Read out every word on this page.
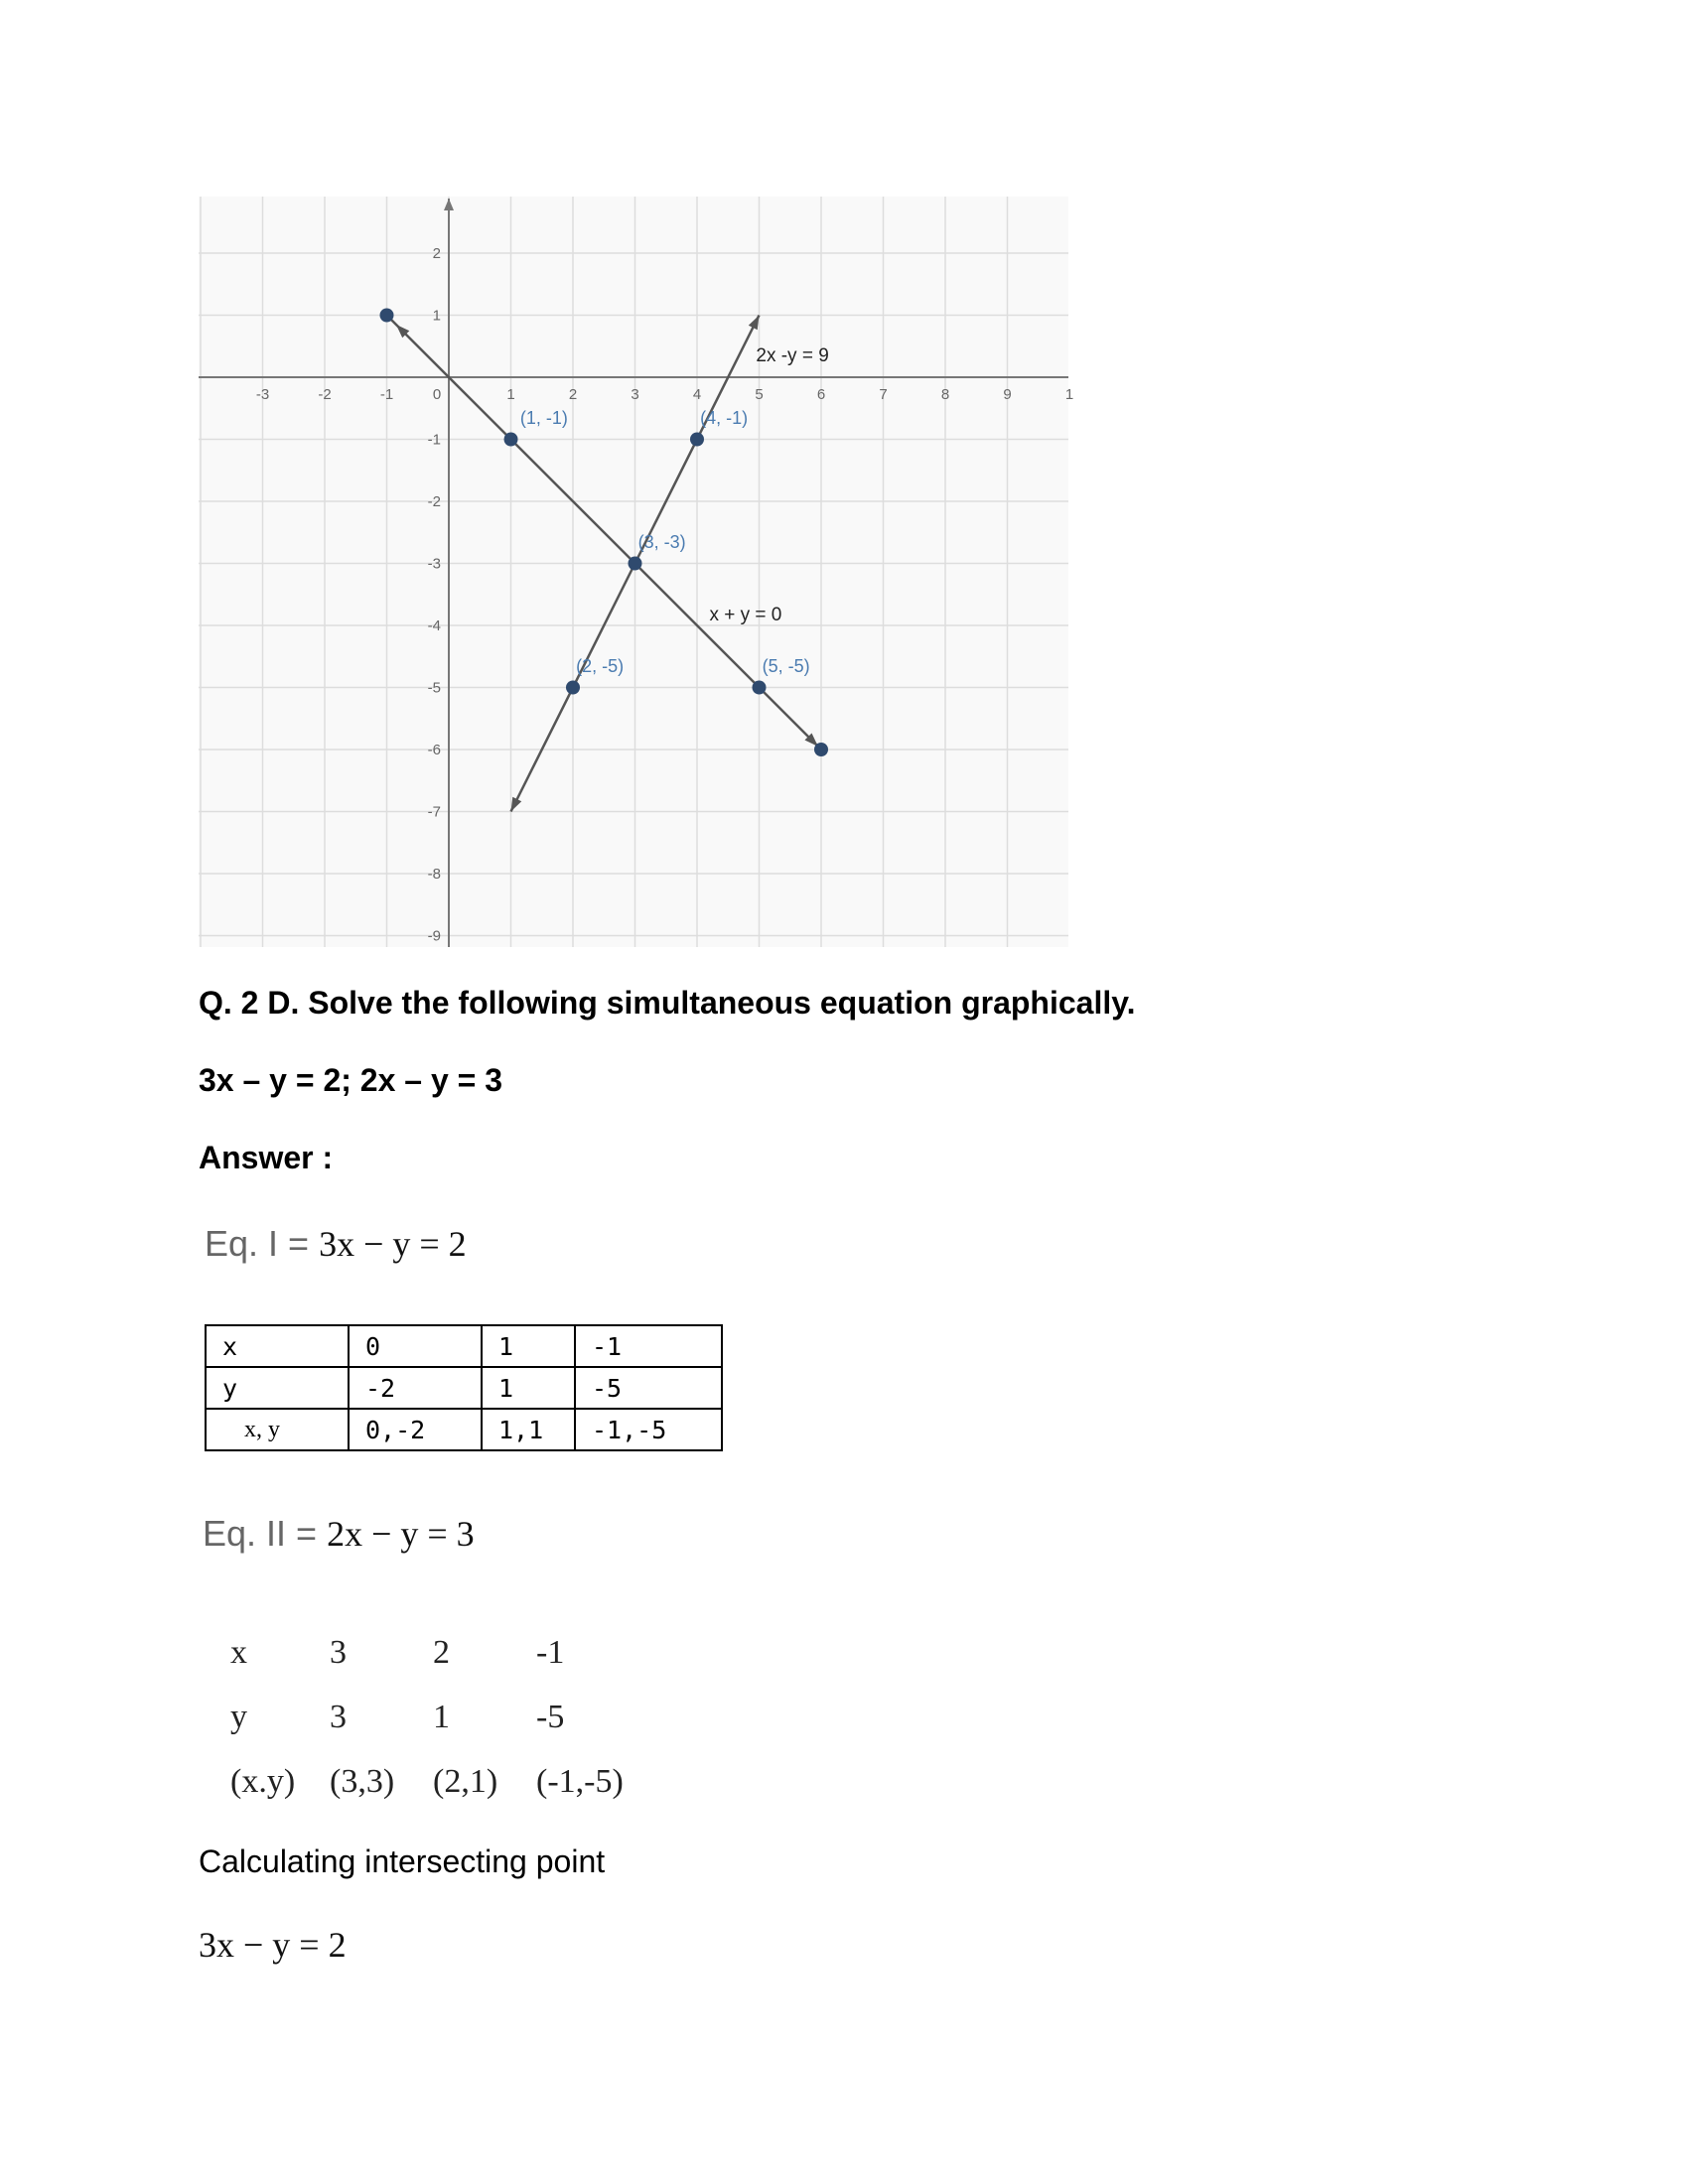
-3	-2	-1	0	1	2	3	4	5	6	7	8	9	1
2
1
-1
-2
-3
-4
-5
-6
-7
-8
-9
(1, -1)	(4, -1)
(3, -3)
(2, -5)	(5, -5)
2x -y = 9
x + y = 0
Q. 2 D. Solve the following simultaneous equation graphically.
3x – y = 2; 2x – y = 3
Answer :
Eq. I = 3x − y = 2
x	0	1	-1
y	-2	1	-5
x, y	0,-2	1,1	-1,-5
Eq. II = 2x − y = 3
x 3	2	-1
y 3	1	-5
(x.y) (3,3) (2,1) (-1,-5)
Calculating intersecting point
3x − y = 2
